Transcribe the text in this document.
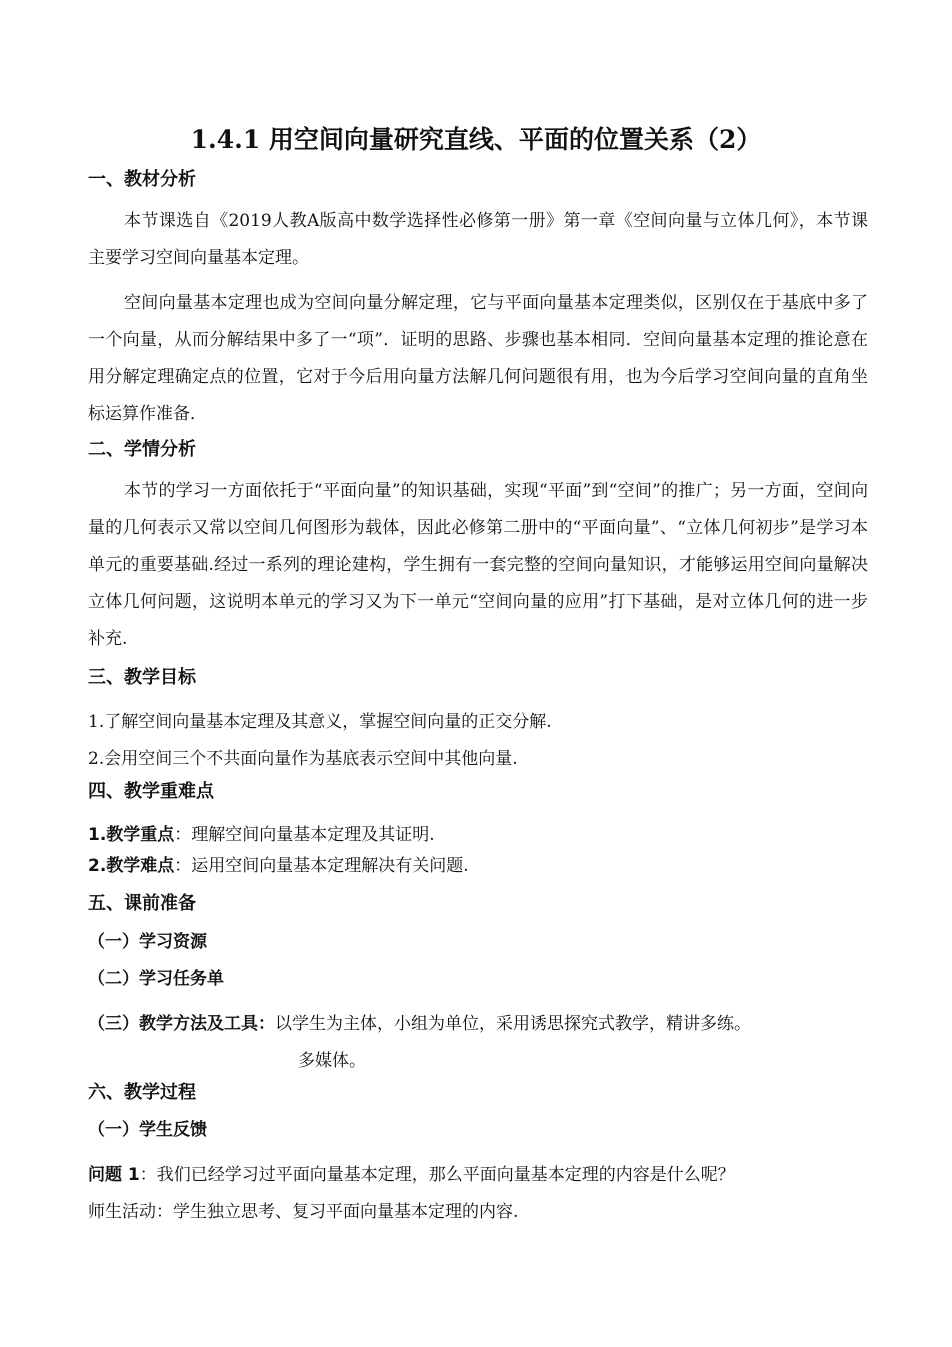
1.4.1 用空间向量研究直线、平面的位置关系（2）
一、教材分析
本节课选自《2019人教A版高中数学选择性必修第一册》第一章《空间向量与立体几何》，本节课主要学习空间向量基本定理。
空间向量基本定理也成为空间向量分解定理，它与平面向量基本定理类似，区别仅在于基底中多了一个向量，从而分解结果中多了一“项”．证明的思路、步骤也基本相同．空间向量基本定理的推论意在用分解定理确定点的位置，它对于今后用向量方法解几何问题很有用，也为今后学习空间向量的直角坐标运算作准备．
二、学情分析
本节的学习一方面依托于“平面向量”的知识基础，实现“平面”到“空间”的推广；另一方面，空间向量的几何表示又常以空间几何图形为载体，因此必修第二册中的“平面向量”、“立体几何初步”是学习本单元的重要基础.经过一系列的理论建构，学生拥有一套完整的空间向量知识，才能够运用空间向量解决立体几何问题，这说明本单元的学习又为下一单元“空间向量的应用”打下基础，是对立体几何的进一步补充.
三、教学目标
1.了解空间向量基本定理及其意义，掌握空间向量的正交分解.
2.会用空间三个不共面向量作为基底表示空间中其他向量.
四、教学重难点
1.教学重点：理解空间向量基本定理及其证明.
2.教学难点：运用空间向量基本定理解决有关问题.
五、课前准备
（一）学习资源
（二）学习任务单
（三）教学方法及工具：以学生为主体，小组为单位，采用诱思探究式教学，精讲多练。
多媒体。
六、教学过程
（一）学生反馈
问题 1：我们已经学习过平面向量基本定理，那么平面向量基本定理的内容是什么呢？
师生活动：学生独立思考、复习平面向量基本定理的内容.
